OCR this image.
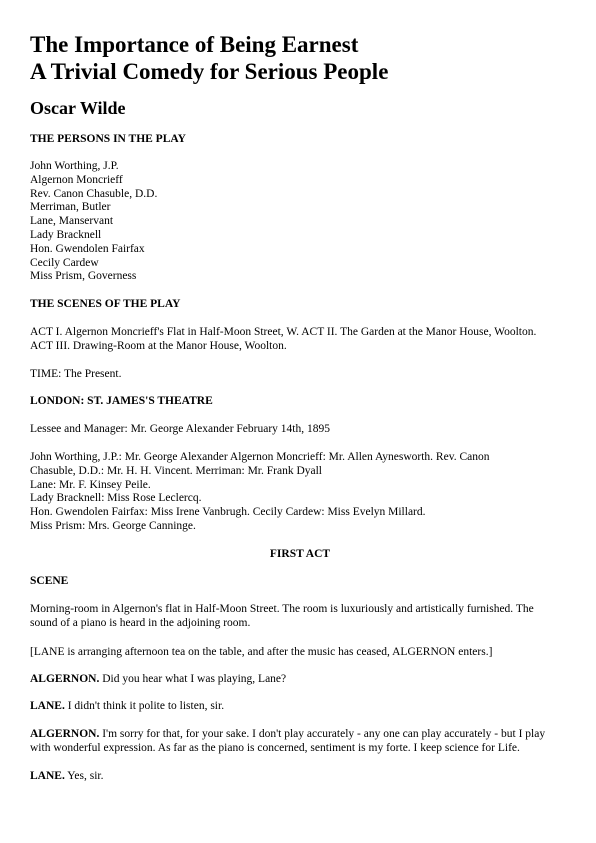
The Importance of Being Earnest
A Trivial Comedy for Serious People
Oscar Wilde
THE PERSONS IN THE PLAY
John Worthing, J.P.
Algernon Moncrieff
Rev. Canon Chasuble, D.D.
Merriman, Butler
Lane, Manservant
Lady Bracknell
Hon. Gwendolen Fairfax
Cecily Cardew
Miss Prism, Governess
THE SCENES OF THE PLAY
ACT I. Algernon Moncrieff's Flat in Half-Moon Street, W. ACT II. The Garden at the Manor House, Woolton.
ACT III. Drawing-Room at the Manor House, Woolton.
TIME: The Present.
LONDON: ST. JAMES'S THEATRE
Lessee and Manager: Mr. George Alexander February 14th, 1895
John Worthing, J.P.: Mr. George Alexander Algernon Moncrieff: Mr. Allen Aynesworth. Rev. Canon
Chasuble, D.D.: Mr. H. H. Vincent. Merriman: Mr. Frank Dyall
Lane: Mr. F. Kinsey Peile.
Lady Bracknell: Miss Rose Leclercq.
Hon. Gwendolen Fairfax: Miss Irene Vanbrugh. Cecily Cardew: Miss Evelyn Millard.
Miss Prism: Mrs. George Canninge.
FIRST ACT
SCENE
Morning-room in Algernon's flat in Half-Moon Street. The room is luxuriously and artistically furnished. The
sound of a piano is heard in the adjoining room.
[LANE is arranging afternoon tea on the table, and after the music has ceased, ALGERNON enters.]
ALGERNON. Did you hear what I was playing, Lane?
LANE. I didn't think it polite to listen, sir.
ALGERNON. I'm sorry for that, for your sake. I don't play accurately - any one can play accurately - but I play
with wonderful expression. As far as the piano is concerned, sentiment is my forte. I keep science for Life.
LANE. Yes, sir.
